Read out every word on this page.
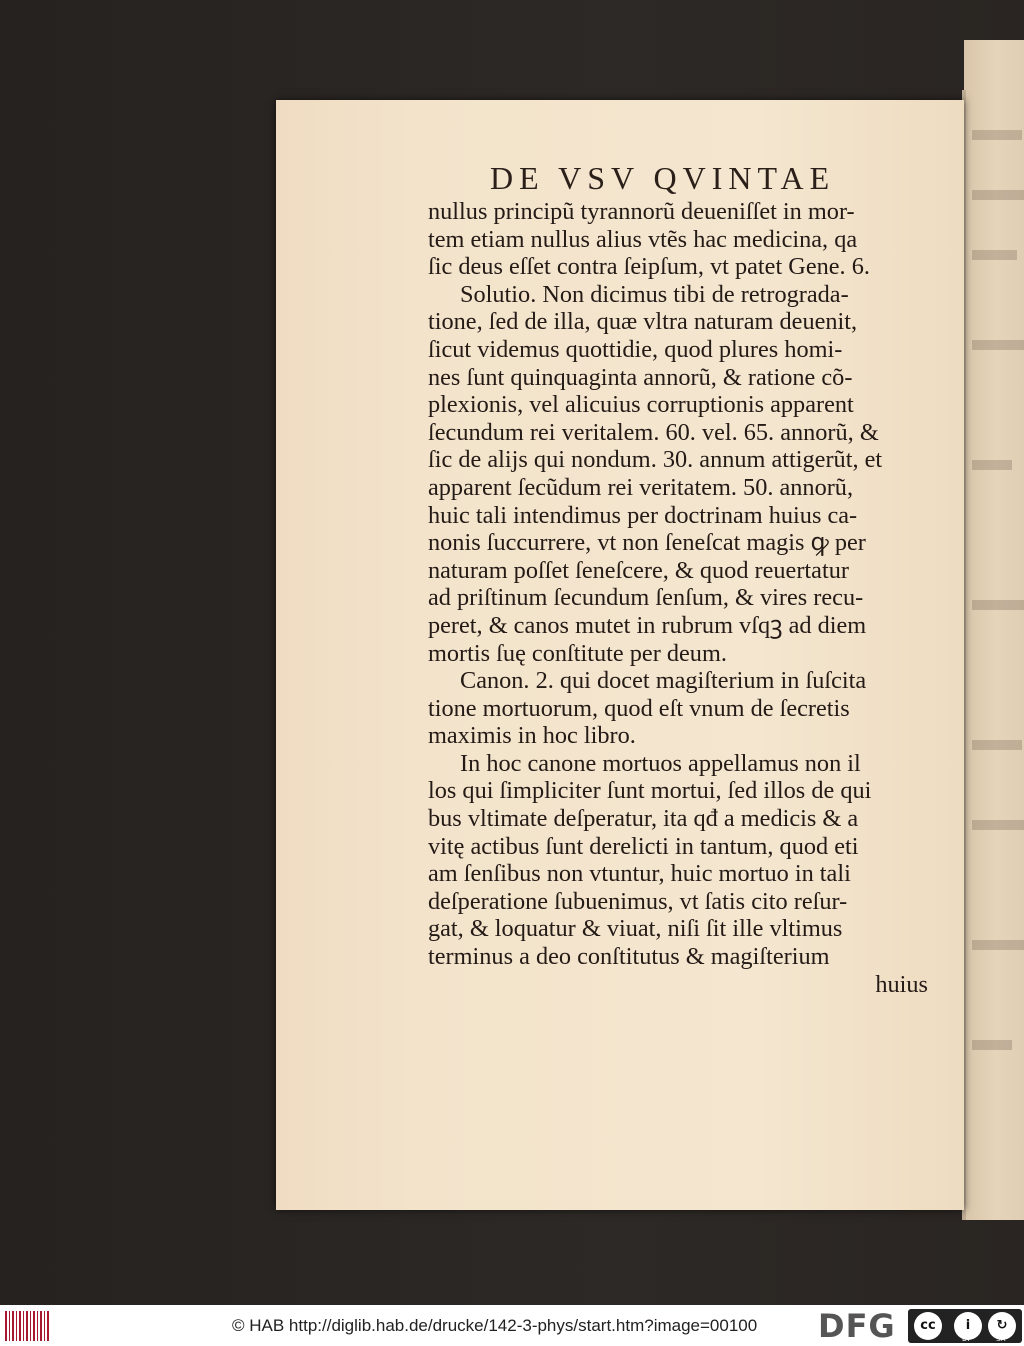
DE VSV QVINTAE
nullus principũ tyrannorũ deueniſſet in mor-
tem etiam nullus alius vtẽs hac medicina, qa
ſic deus eſſet contra ſeipſum, vt patet Gene. 6.
Solutio. Non dicimus tibi de retrograda-
tione, ſed de illa, quæ vltra naturam deuenit,
ſicut videmus quottidie, quod plures homi-
nes ſunt quinquaginta annorũ, & ratione cõ-
plexionis, vel alicuius corruptionis apparent
ſecundum rei veritalem. 60. vel. 65. annorũ, &
ſic de alijs qui nondum. 30. annum attigerũt, et
apparent ſecũdum rei veritatem. 50. annorũ,
huic tali intendimus per doctrinam huius ca-
nonis ſuccurrere, vt non ſeneſcat magis ꝙ per
naturam poſſet ſeneſcere, & quod reuertatur
ad priſtinum ſecundum ſenſum, & vires recu-
peret, & canos mutet in rubrum vſqꝫ ad diem
mortis ſuę conſtitute per deum.
Canon. 2. qui docet magiſterium in ſuſcita
tione mortuorum, quod eſt vnum de ſecretis
maximis in hoc libro.
In hoc canone mortuos appellamus non il
los qui ſimpliciter ſunt mortui, ſed illos de qui
bus vltimate deſperatur, ita qđ a medicis & a
vitę actibus ſunt derelicti in tantum, quod eti
am ſenſibus non vtuntur, huic mortuo in tali
deſperatione ſubuenimus, vt ſatis cito reſur-
gat, & loquatur & viuat, niſi ſit ille vltimus
terminus a deo conſtitutus & magiſterium
huius
© HAB http://diglib.hab.de/drucke/142-3-phys/start.htm?image=00100 DFG	cc	i
BY
↻
SA
